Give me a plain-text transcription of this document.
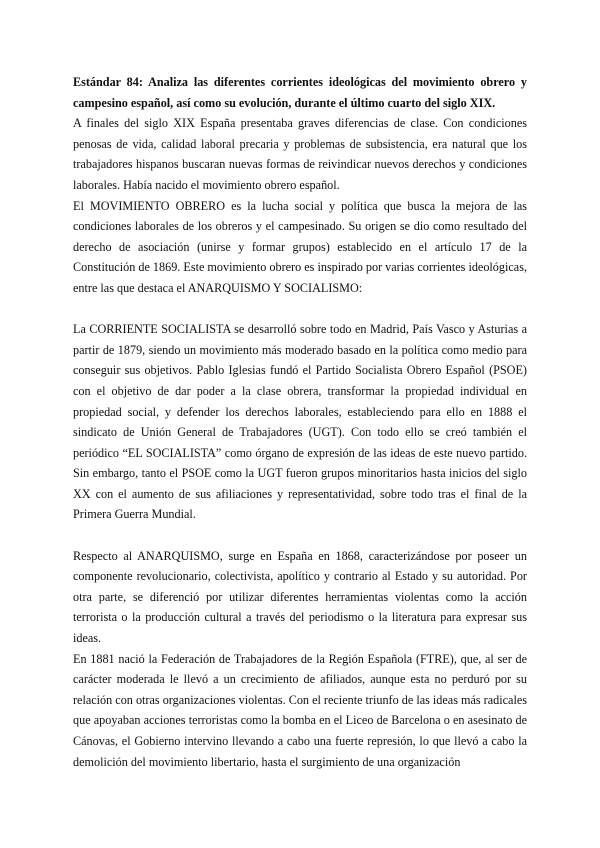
Estándar 84: Analiza las diferentes corrientes ideológicas del movimiento obrero y campesino español, así como su evolución, durante el último cuarto del siglo XIX.

A finales del siglo XIX España presentaba graves diferencias de clase. Con condiciones penosas de vida, calidad laboral precaria y problemas de subsistencia, era natural que los trabajadores hispanos buscaran nuevas formas de reivindicar nuevos derechos y condiciones laborales. Había nacido el movimiento obrero español.

El MOVIMIENTO OBRERO es la lucha social y política que busca la mejora de las condiciones laborales de los obreros y el campesinado. Su origen se dio como resultado del derecho de asociación (unirse y formar grupos) establecido en el artículo 17 de la Constitución de 1869. Este movimiento obrero es inspirado por varias corrientes ideológicas, entre las que destaca el ANARQUISMO Y SOCIALISMO:

La CORRIENTE SOCIALISTA se desarrolló sobre todo en Madrid, País Vasco y Asturias a partir de 1879, siendo un movimiento más moderado basado en la política como medio para conseguir sus objetivos. Pablo Iglesias fundó el Partido Socialista Obrero Español (PSOE) con el objetivo de dar poder a la clase obrera, transformar la propiedad individual en propiedad social, y defender los derechos laborales, estableciendo para ello en 1888 el sindicato de Unión General de Trabajadores (UGT). Con todo ello se creó también el periódico “EL SOCIALISTA” como órgano de expresión de las ideas de este nuevo partido. Sin embargo, tanto el PSOE como la UGT fueron grupos minoritarios hasta inicios del siglo XX con el aumento de sus afiliaciones y representatividad, sobre todo tras el final de la Primera Guerra Mundial.

Respecto al ANARQUISMO, surge en España en 1868, caracterizándose por poseer un componente revolucionario, colectivista, apolítico y contrario al Estado y su autoridad. Por otra parte, se diferenció por utilizar diferentes herramientas violentas como la acción terrorista o la producción cultural a través del periodismo o la literatura para expresar sus ideas.

En 1881 nació la Federación de Trabajadores de la Región Española (FTRE), que, al ser de carácter moderada le llevó a un crecimiento de afiliados, aunque esta no perduró por su relación con otras organizaciones violentas. Con el reciente triunfo de las ideas más radicales que apoyaban acciones terroristas como la bomba en el Liceo de Barcelona o en asesinato de Cánovas, el Gobierno intervino llevando a cabo una fuerte represión, lo que llevó a cabo la demolición del movimiento libertario, hasta el surgimiento de una organización
